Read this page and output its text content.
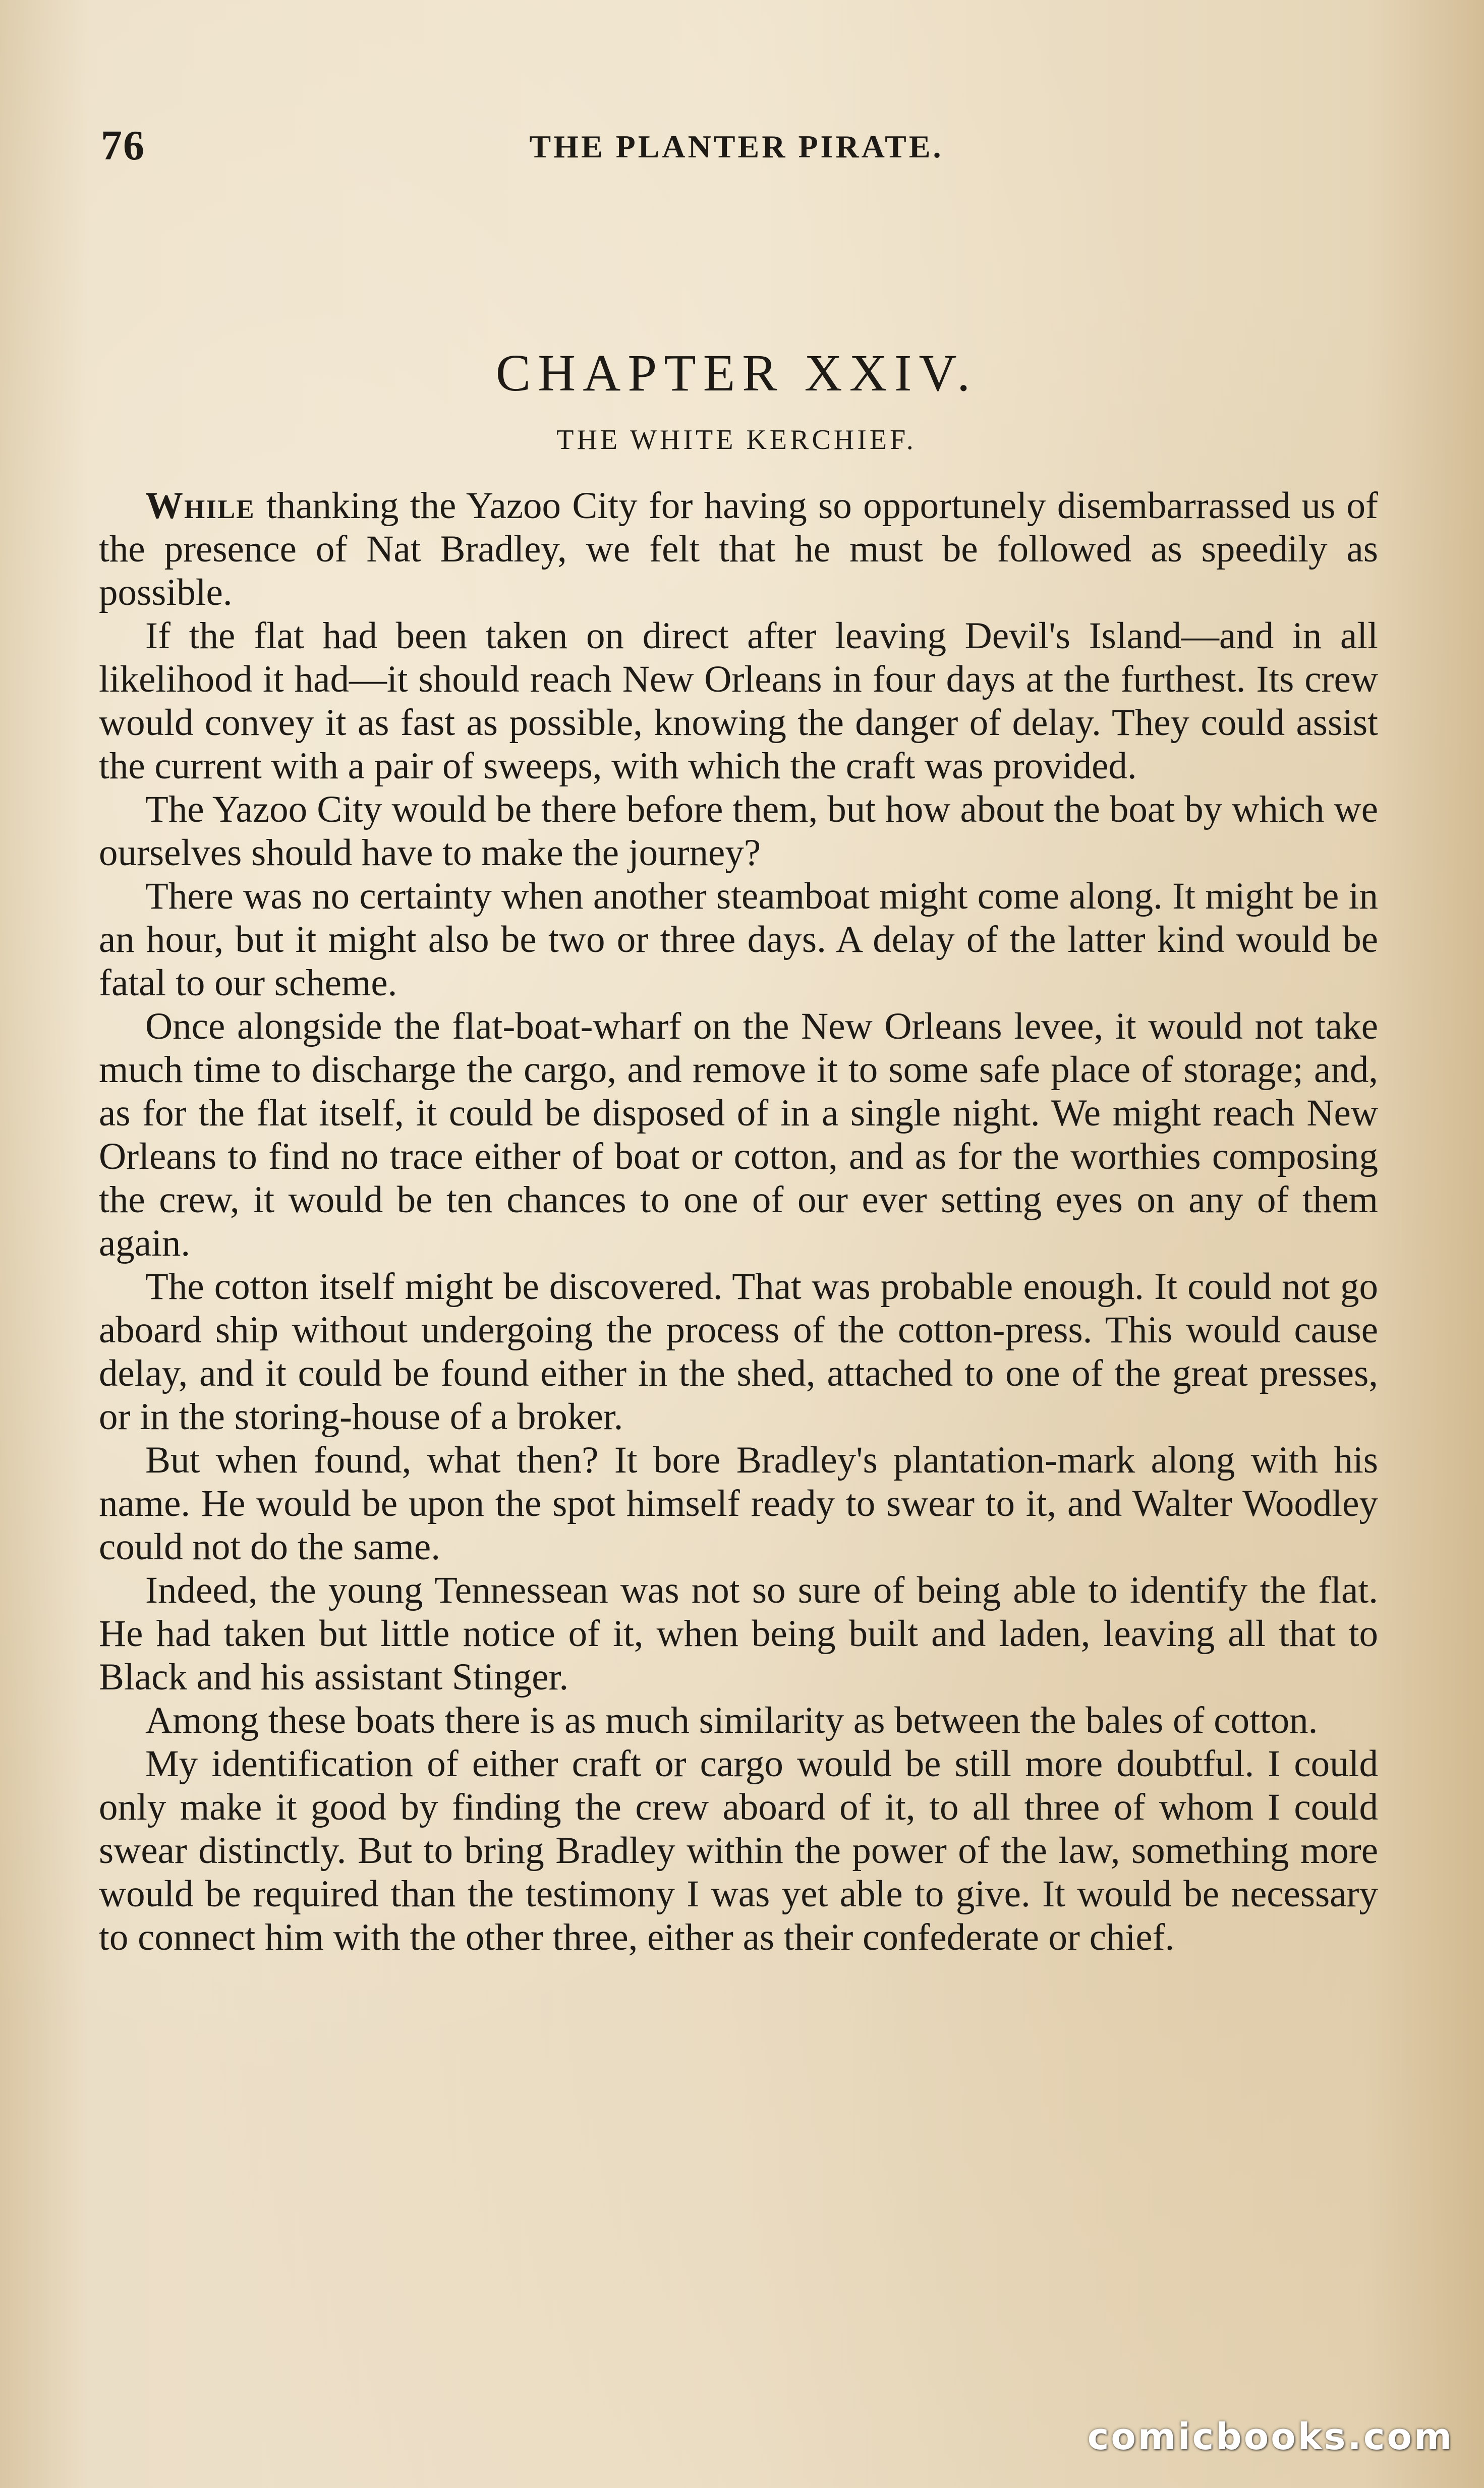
76	THE PLANTER PIRATE.
CHAPTER XXIV.
THE WHITE KERCHIEF.

While thanking the Yazoo City for having so opportunely disembarrassed us of the presence of Nat Bradley, we felt that he must be followed as speedily as possible.

If the flat had been taken on direct after leaving Devil's Island—and in all likelihood it had—it should reach New Orleans in four days at the furthest. Its crew would convey it as fast as possible, knowing the danger of delay. They could assist the current with a pair of sweeps, with which the craft was provided.

The Yazoo City would be there before them, but how about the boat by which we ourselves should have to make the journey?

There was no certainty when another steamboat might come along. It might be in an hour, but it might also be two or three days. A delay of the latter kind would be fatal to our scheme.

Once alongside the flat-boat-wharf on the New Orleans levee, it would not take much time to discharge the cargo, and remove it to some safe place of storage; and, as for the flat itself, it could be disposed of in a single night. We might reach New Orleans to find no trace either of boat or cotton, and as for the worthies composing the crew, it would be ten chances to one of our ever setting eyes on any of them again.

The cotton itself might be discovered. That was probable enough. It could not go aboard ship without undergoing the process of the cotton-press. This would cause delay, and it could be found either in the shed, attached to one of the great presses, or in the storing-house of a broker.

But when found, what then? It bore Bradley's plantation-mark along with his name. He would be upon the spot himself ready to swear to it, and Walter Woodley could not do the same.

Indeed, the young Tennessean was not so sure of being able to identify the flat. He had taken but little notice of it, when being built and laden, leaving all that to Black and his assistant Stinger.

Among these boats there is as much similarity as between the bales of cotton.

My identification of either craft or cargo would be still more doubtful. I could only make it good by finding the crew aboard of it, to all three of whom I could swear distinctly. But to bring Bradley within the power of the law, something more would be required than the testimony I was yet able to give. It would be necessary to connect him with the other three, either as their confederate or chief.

comicbooks.com
